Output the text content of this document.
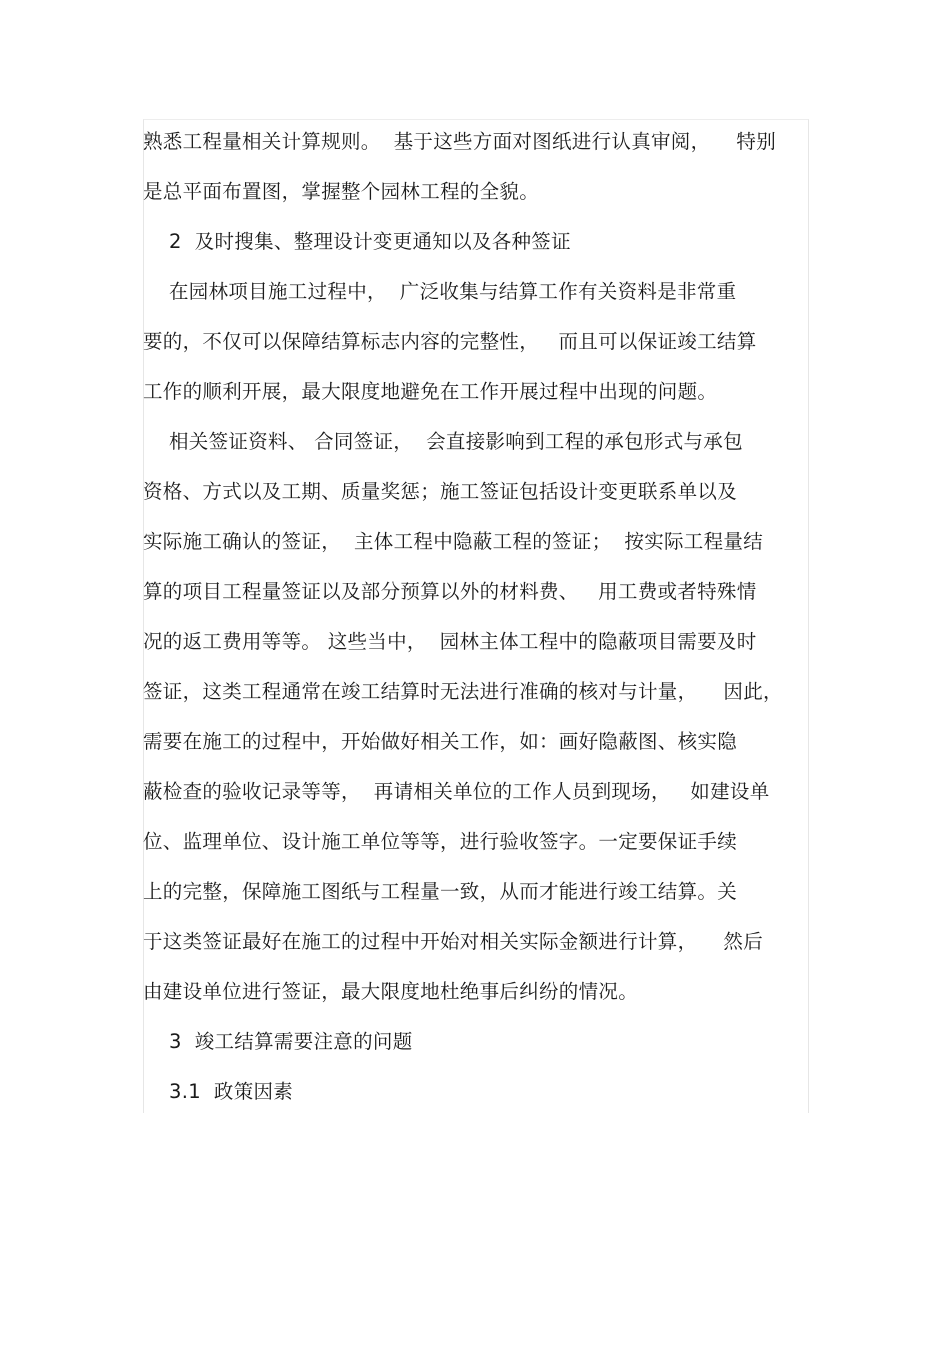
熟悉工程量相关计算规则。  基于这些方面对图纸进行认真审阅，    特别
是总平面布置图，掌握整个园林工程的全貌。
2  及时搜集、整理设计变更通知以及各种签证
在园林项目施工过程中，  广泛收集与结算工作有关资料是非常重
要的，不仅可以保障结算标志内容的完整性，   而且可以保证竣工结算
工作的顺利开展，最大限度地避免在工作开展过程中出现的问题。
相关签证资料、 合同签证，  会直接影响到工程的承包形式与承包
资格、方式以及工期、质量奖惩；施工签证包括设计变更联系单以及
实际施工确认的签证，  主体工程中隐蔽工程的签证；  按实际工程量结
算的项目工程量签证以及部分预算以外的材料费、   用工费或者特殊情
况的返工费用等等。 这些当中，  园林主体工程中的隐蔽项目需要及时
签证，这类工程通常在竣工结算时无法进行准确的核对与计量，    因此，
需要在施工的过程中，开始做好相关工作，如：画好隐蔽图、核实隐
蔽检查的验收记录等等，  再请相关单位的工作人员到现场，   如建设单
位、监理单位、设计施工单位等等，进行验收签字。一定要保证手续
上的完整，保障施工图纸与工程量一致，从而才能进行竣工结算。关
于这类签证最好在施工的过程中开始对相关实际金额进行计算，    然后
由建设单位进行签证，最大限度地杜绝事后纠纷的情况。
3  竣工结算需要注意的问题
3.1  政策因素
